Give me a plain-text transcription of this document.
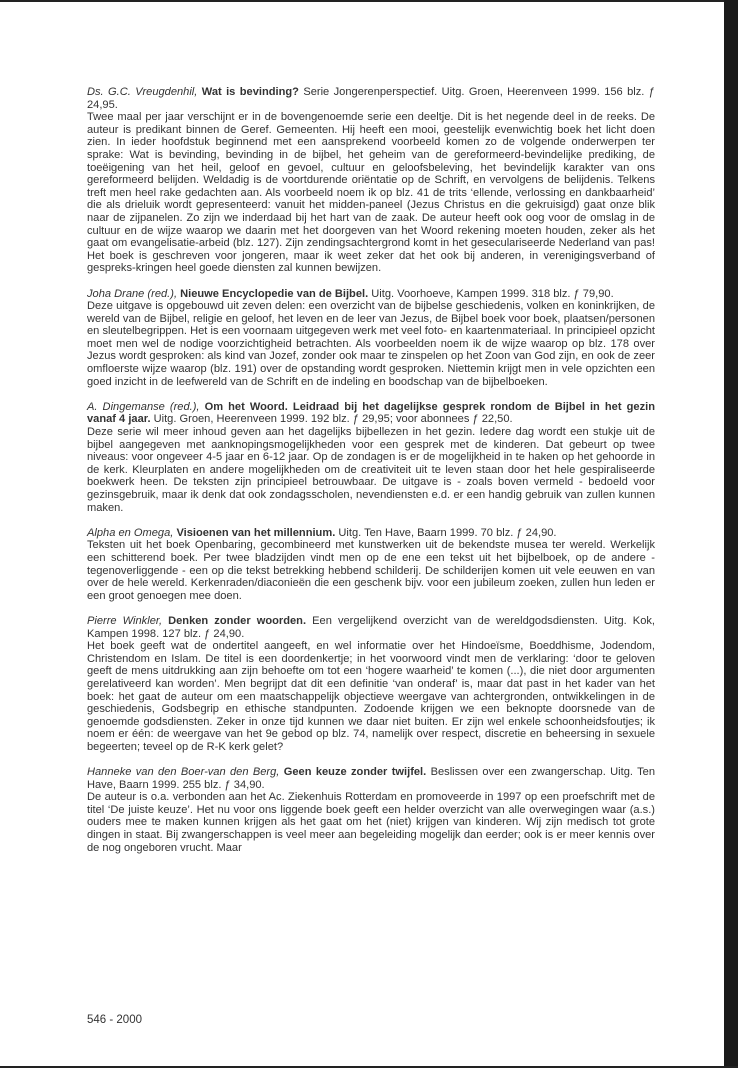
Ds. G.C. Vreugdenhil, Wat is bevinding? Serie Jongerenperspectief. Uitg. Groen, Heerenveen 1999. 156 blz. ƒ 24,95.

Twee maal per jaar verschijnt er in de bovengenoemde serie een deeltje. Dit is het negende deel in de reeks. De auteur is predikant binnen de Geref. Gemeenten. Hij heeft een mooi, geestelijk evenwichtig boek het licht doen zien. In ieder hoofdstuk beginnend met een aansprekend voorbeeld komen zo de volgende onderwerpen ter sprake: Wat is bevinding, bevinding in de bijbel, het geheim van de gereformeerd-bevindelijke prediking, de toeëigening van het heil, geloof en gevoel, cultuur en geloofsbeleving, het bevindelijk karakter van ons gereformeerd belijden. Weldadig is de voortdurende oriëntatie op de Schrift, en vervolgens de belijdenis. Telkens treft men heel rake gedachten aan. Als voorbeeld noem ik op blz. 41 de trits ‘ellende, verlossing en dankbaarheid’ die als drieluik wordt gepresenteerd: vanuit het midden-paneel (Jezus Christus en die gekruisigd) gaat onze blik naar de zijpanelen. Zo zijn we inderdaad bij het hart van de zaak. De auteur heeft ook oog voor de omslag in de cultuur en de wijze waarop we daarin met het doorgeven van het Woord rekening moeten houden, zeker als het gaat om evangelisatie-arbeid (blz. 127). Zijn zendingsachtergrond komt in het geseculariseerde Nederland van pas! Het boek is geschreven voor jongeren, maar ik weet zeker dat het ook bij anderen, in verenigingsverband of gespreks-kringen heel goede diensten zal kunnen bewijzen.

Joha Drane (red.), Nieuwe Encyclopedie van de Bijbel. Uitg. Voorhoeve, Kampen 1999. 318 blz. ƒ 79,90.

Deze uitgave is opgebouwd uit zeven delen: een overzicht van de bijbelse geschiedenis, volken en koninkrijken, de wereld van de Bijbel, religie en geloof, het leven en de leer van Jezus, de Bijbel boek voor boek, plaatsen/personen en sleutelbegrippen. Het is een voornaam uitgegeven werk met veel foto- en kaartenmateriaal. In principieel opzicht moet men wel de nodige voorzichtigheid betrachten. Als voorbeelden noem ik de wijze waarop op blz. 178 over Jezus wordt gesproken: als kind van Jozef, zonder ook maar te zinspelen op het Zoon van God zijn, en ook de zeer omfloerste wijze waarop (blz. 191) over de opstanding wordt gesproken. Niettemin krijgt men in vele opzichten een goed inzicht in de leefwereld van de Schrift en de indeling en boodschap van de bijbelboeken.

A. Dingemanse (red.), Om het Woord. Leidraad bij het dagelijkse gesprek rondom de Bijbel in het gezin vanaf 4 jaar. Uitg. Groen, Heerenveen 1999. 192 blz. ƒ 29,95; voor abonnees ƒ 22,50.

Deze serie wil meer inhoud geven aan het dagelijks bijbellezen in het gezin. Iedere dag wordt een stukje uit de bijbel aangegeven met aanknopingsmogelijkheden voor een gesprek met de kinderen. Dat gebeurt op twee niveaus: voor ongeveer 4-5 jaar en 6-12 jaar. Op de zondagen is er de mogelijkheid in te haken op het gehoorde in de kerk. Kleurplaten en andere mogelijkheden om de creativiteit uit te leven staan door het hele gespiraliseerde boekwerk heen. De teksten zijn principieel betrouwbaar. De uitgave is - zoals boven vermeld - bedoeld voor gezinsgebruik, maar ik denk dat ook zondagsscholen, nevendiensten e.d. er een handig gebruik van zullen kunnen maken.

Alpha en Omega, Visioenen van het millennium. Uitg. Ten Have, Baarn 1999. 70 blz. ƒ 24,90.

Teksten uit het boek Openbaring, gecombineerd met kunstwerken uit de bekendste musea ter wereld. Werkelijk een schitterend boek. Per twee bladzijden vindt men op de ene een tekst uit het bijbelboek, op de andere - tegenoverliggende - een op die tekst betrekking hebbend schilderij. De schilderijen komen uit vele eeuwen en van over de hele wereld. Kerkenraden/diaconieën die een geschenk bijv. voor een jubileum zoeken, zullen hun leden er een groot genoegen mee doen.

Pierre Winkler, Denken zonder woorden. Een vergelijkend overzicht van de wereldgodsdiensten. Uitg. Kok, Kampen 1998. 127 blz. ƒ 24,90.

Het boek geeft wat de ondertitel aangeeft, en wel informatie over het Hindoeïsme, Boeddhisme, Jodendom, Christendom en Islam. De titel is een doordenkertje; in het voorwoord vindt men de verklaring: ‘door te geloven geeft de mens uitdrukking aan zijn behoefte om tot een ‘hogere waarheid’ te komen (...), die niet door argumenten gerelativeerd kan worden’. Men begrijpt dat dit een definitie ‘van onderaf’ is, maar dat past in het kader van het boek: het gaat de auteur om een maatschappelijk objectieve weergave van achtergronden, ontwikkelingen in de geschiedenis, Godsbegrip en ethische standpunten. Zodoende krijgen we een beknopte doorsnede van de genoemde godsdiensten. Zeker in onze tijd kunnen we daar niet buiten. Er zijn wel enkele schoonheidsfoutjes; ik noem er één: de weergave van het 9e gebod op blz. 74, namelijk over respect, discretie en beheersing in sexuele begeerten; teveel op de R-K kerk gelet?

Hanneke van den Boer-van den Berg, Geen keuze zonder twijfel. Beslissen over een zwangerschap. Uitg. Ten Have, Baarn 1999. 255 blz. ƒ 34,90.

De auteur is o.a. verbonden aan het Ac. Ziekenhuis Rotterdam en promoveerde in 1997 op een proefschrift met de titel ‘De juiste keuze’. Het nu voor ons liggende boek geeft een helder overzicht van alle overwegingen waar (a.s.) ouders mee te maken kunnen krijgen als het gaat om het (niet) krijgen van kinderen. Wij zijn medisch tot grote dingen in staat. Bij zwangerschappen is veel meer aan begeleiding mogelijk dan eerder; ook is er meer kennis over de nog ongeboren vrucht. Maar

546 - 2000
